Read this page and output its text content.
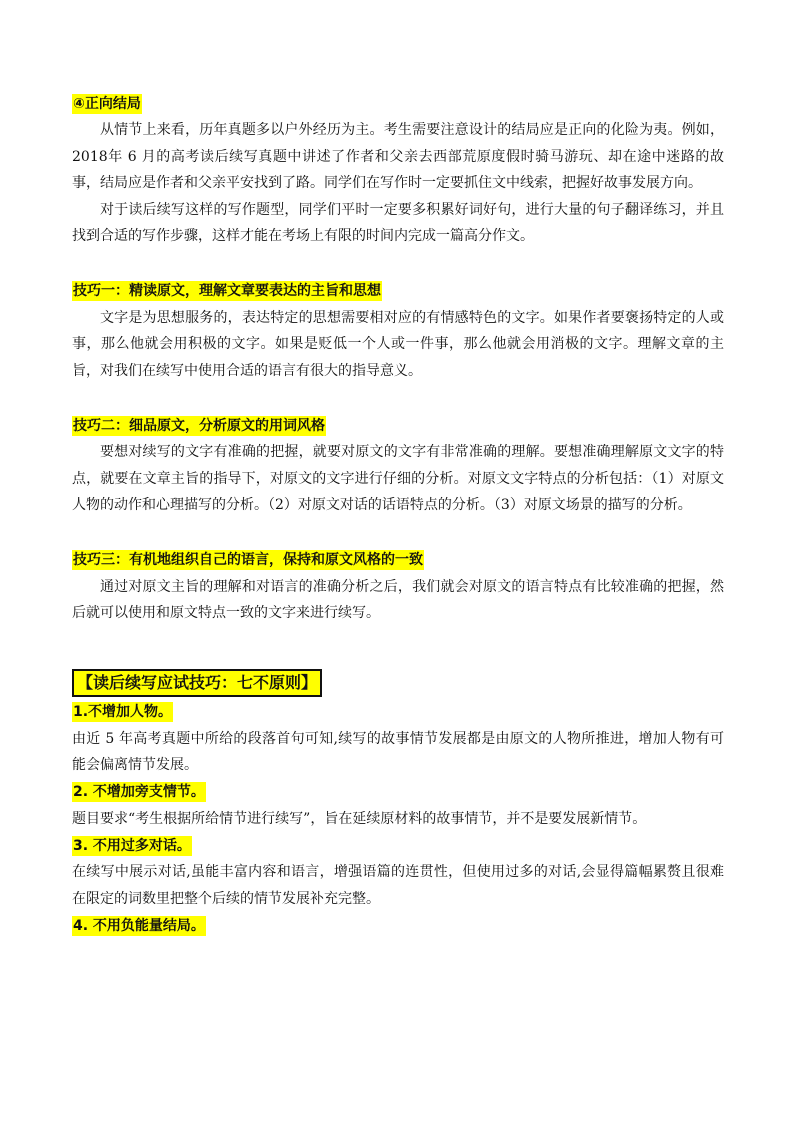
④正向结局

从情节上来看，历年真题多以户外经历为主。考生需要注意设计的结局应是正向的化险为夷。例如，2018年 6 月的高考读后续写真题中讲述了作者和父亲去西部荒原度假时骑马游玩、却在途中迷路的故事，结局应是作者和父亲平安找到了路。同学们在写作时一定要抓住文中线索，把握好故事发展方向。

对于读后续写这样的写作题型，同学们平时一定要多积累好词好句，进行大量的句子翻译练习，并且找到合适的写作步骤，这样才能在考场上有限的时间内完成一篇高分作文。

技巧一：精读原文，理解文章要表达的主旨和思想

文字是为思想服务的，表达特定的思想需要相对应的有情感特色的文字。如果作者要褒扬特定的人或事，那么他就会用积极的文字。如果是贬低一个人或一件事，那么他就会用消极的文字。理解文章的主旨，对我们在续写中使用合适的语言有很大的指导意义。

技巧二：细品原文，分析原文的用词风格

要想对续写的文字有准确的把握，就要对原文的文字有非常准确的理解。要想准确理解原文文字的特点，就要在文章主旨的指导下，对原文的文字进行仔细的分析。对原文文字特点的分析包括：（1）对原文人物的动作和心理描写的分析。（2）对原文对话的话语特点的分析。（3）对原文场景的描写的分析。

技巧三：有机地组织自己的语言，保持和原文风格的一致

通过对原文主旨的理解和对语言的准确分析之后，我们就会对原文的语言特点有比较准确的把握，然后就可以使用和原文特点一致的文字来进行续写。

【读后续写应试技巧：七不原则】
1.不增加人物。

由近 5 年高考真题中所给的段落首句可知,续写的故事情节发展都是由原文的人物所推进，增加人物有可能会偏离情节发展。

2. 不增加旁支情节。

题目要求“考生根据所给情节进行续写”，旨在延续原材料的故事情节，并不是要发展新情节。

3. 不用过多对话。

在续写中展示对话,虽能丰富内容和语言，增强语篇的连贯性，但使用过多的对话,会显得篇幅累赘且很难在限定的词数里把整个后续的情节发展补充完整。

4. 不用负能量结局。
